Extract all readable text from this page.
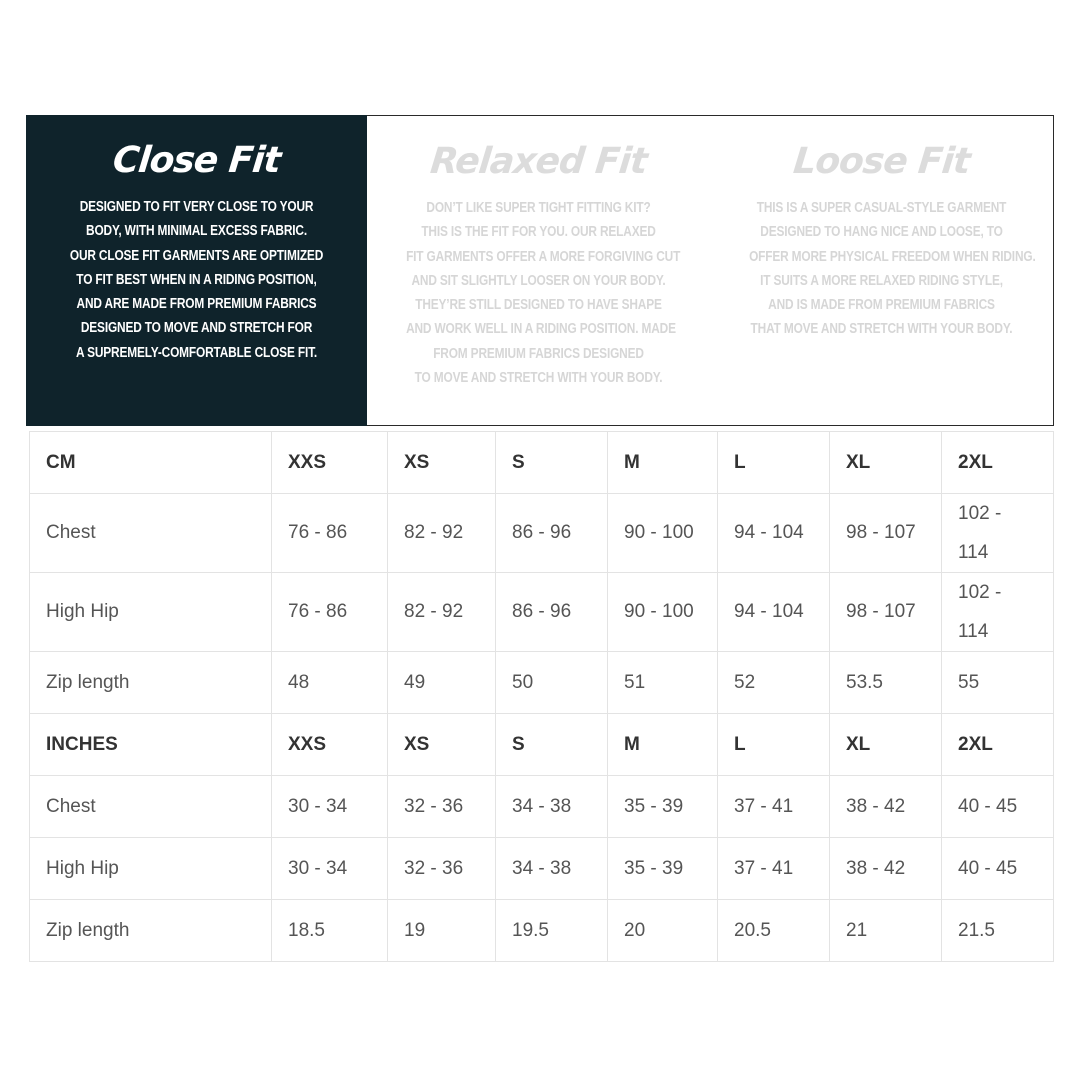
Close Fit

DESIGNED TO FIT VERY CLOSE TO YOUR
BODY, WITH MINIMAL EXCESS FABRIC.
OUR CLOSE FIT GARMENTS ARE OPTIMIZED
TO FIT BEST WHEN IN A RIDING POSITION,
AND ARE MADE FROM PREMIUM FABRICS
DESIGNED TO MOVE AND STRETCH FOR
A SUPREMELY-COMFORTABLE CLOSE FIT.

Relaxed Fit

DON’T LIKE SUPER TIGHT FITTING KIT?
THIS IS THE FIT FOR YOU. OUR RELAXED
FIT GARMENTS OFFER A MORE FORGIVING CUT
AND SIT SLIGHTLY LOOSER ON YOUR BODY.
THEY’RE STILL DESIGNED TO HAVE SHAPE
AND WORK WELL IN A RIDING POSITION. MADE
FROM PREMIUM FABRICS DESIGNED
TO MOVE AND STRETCH WITH YOUR BODY.

Loose Fit

THIS IS A SUPER CASUAL-STYLE GARMENT
DESIGNED TO HANG NICE AND LOOSE, TO
OFFER MORE PHYSICAL FREEDOM WHEN RIDING.
IT SUITS A MORE RELAXED RIDING STYLE,
AND IS MADE FROM PREMIUM FABRICS
THAT MOVE AND STRETCH WITH YOUR BODY.

CM	XXS	XS	S	M	L	XL	2XL
Chest	76 - 86	82 - 92	86 - 96	90 - 100	94 - 104	98 - 107	102 - 114

High Hip	76 - 86	82 - 92	86 - 96	90 - 100	94 - 104	98 - 107	102 - 114

Zip length	48	49	50	51	52	53.5	55
INCHES	XXS	XS	S	M	L	XL	2XL
Chest	30 - 34	32 - 36	34 - 38	35 - 39	37 - 41	38 - 42	40 - 45
High Hip	30 - 34	32 - 36	34 - 38	35 - 39	37 - 41	38 - 42	40 - 45
Zip length	18.5	19	19.5	20	20.5	21	21.5
